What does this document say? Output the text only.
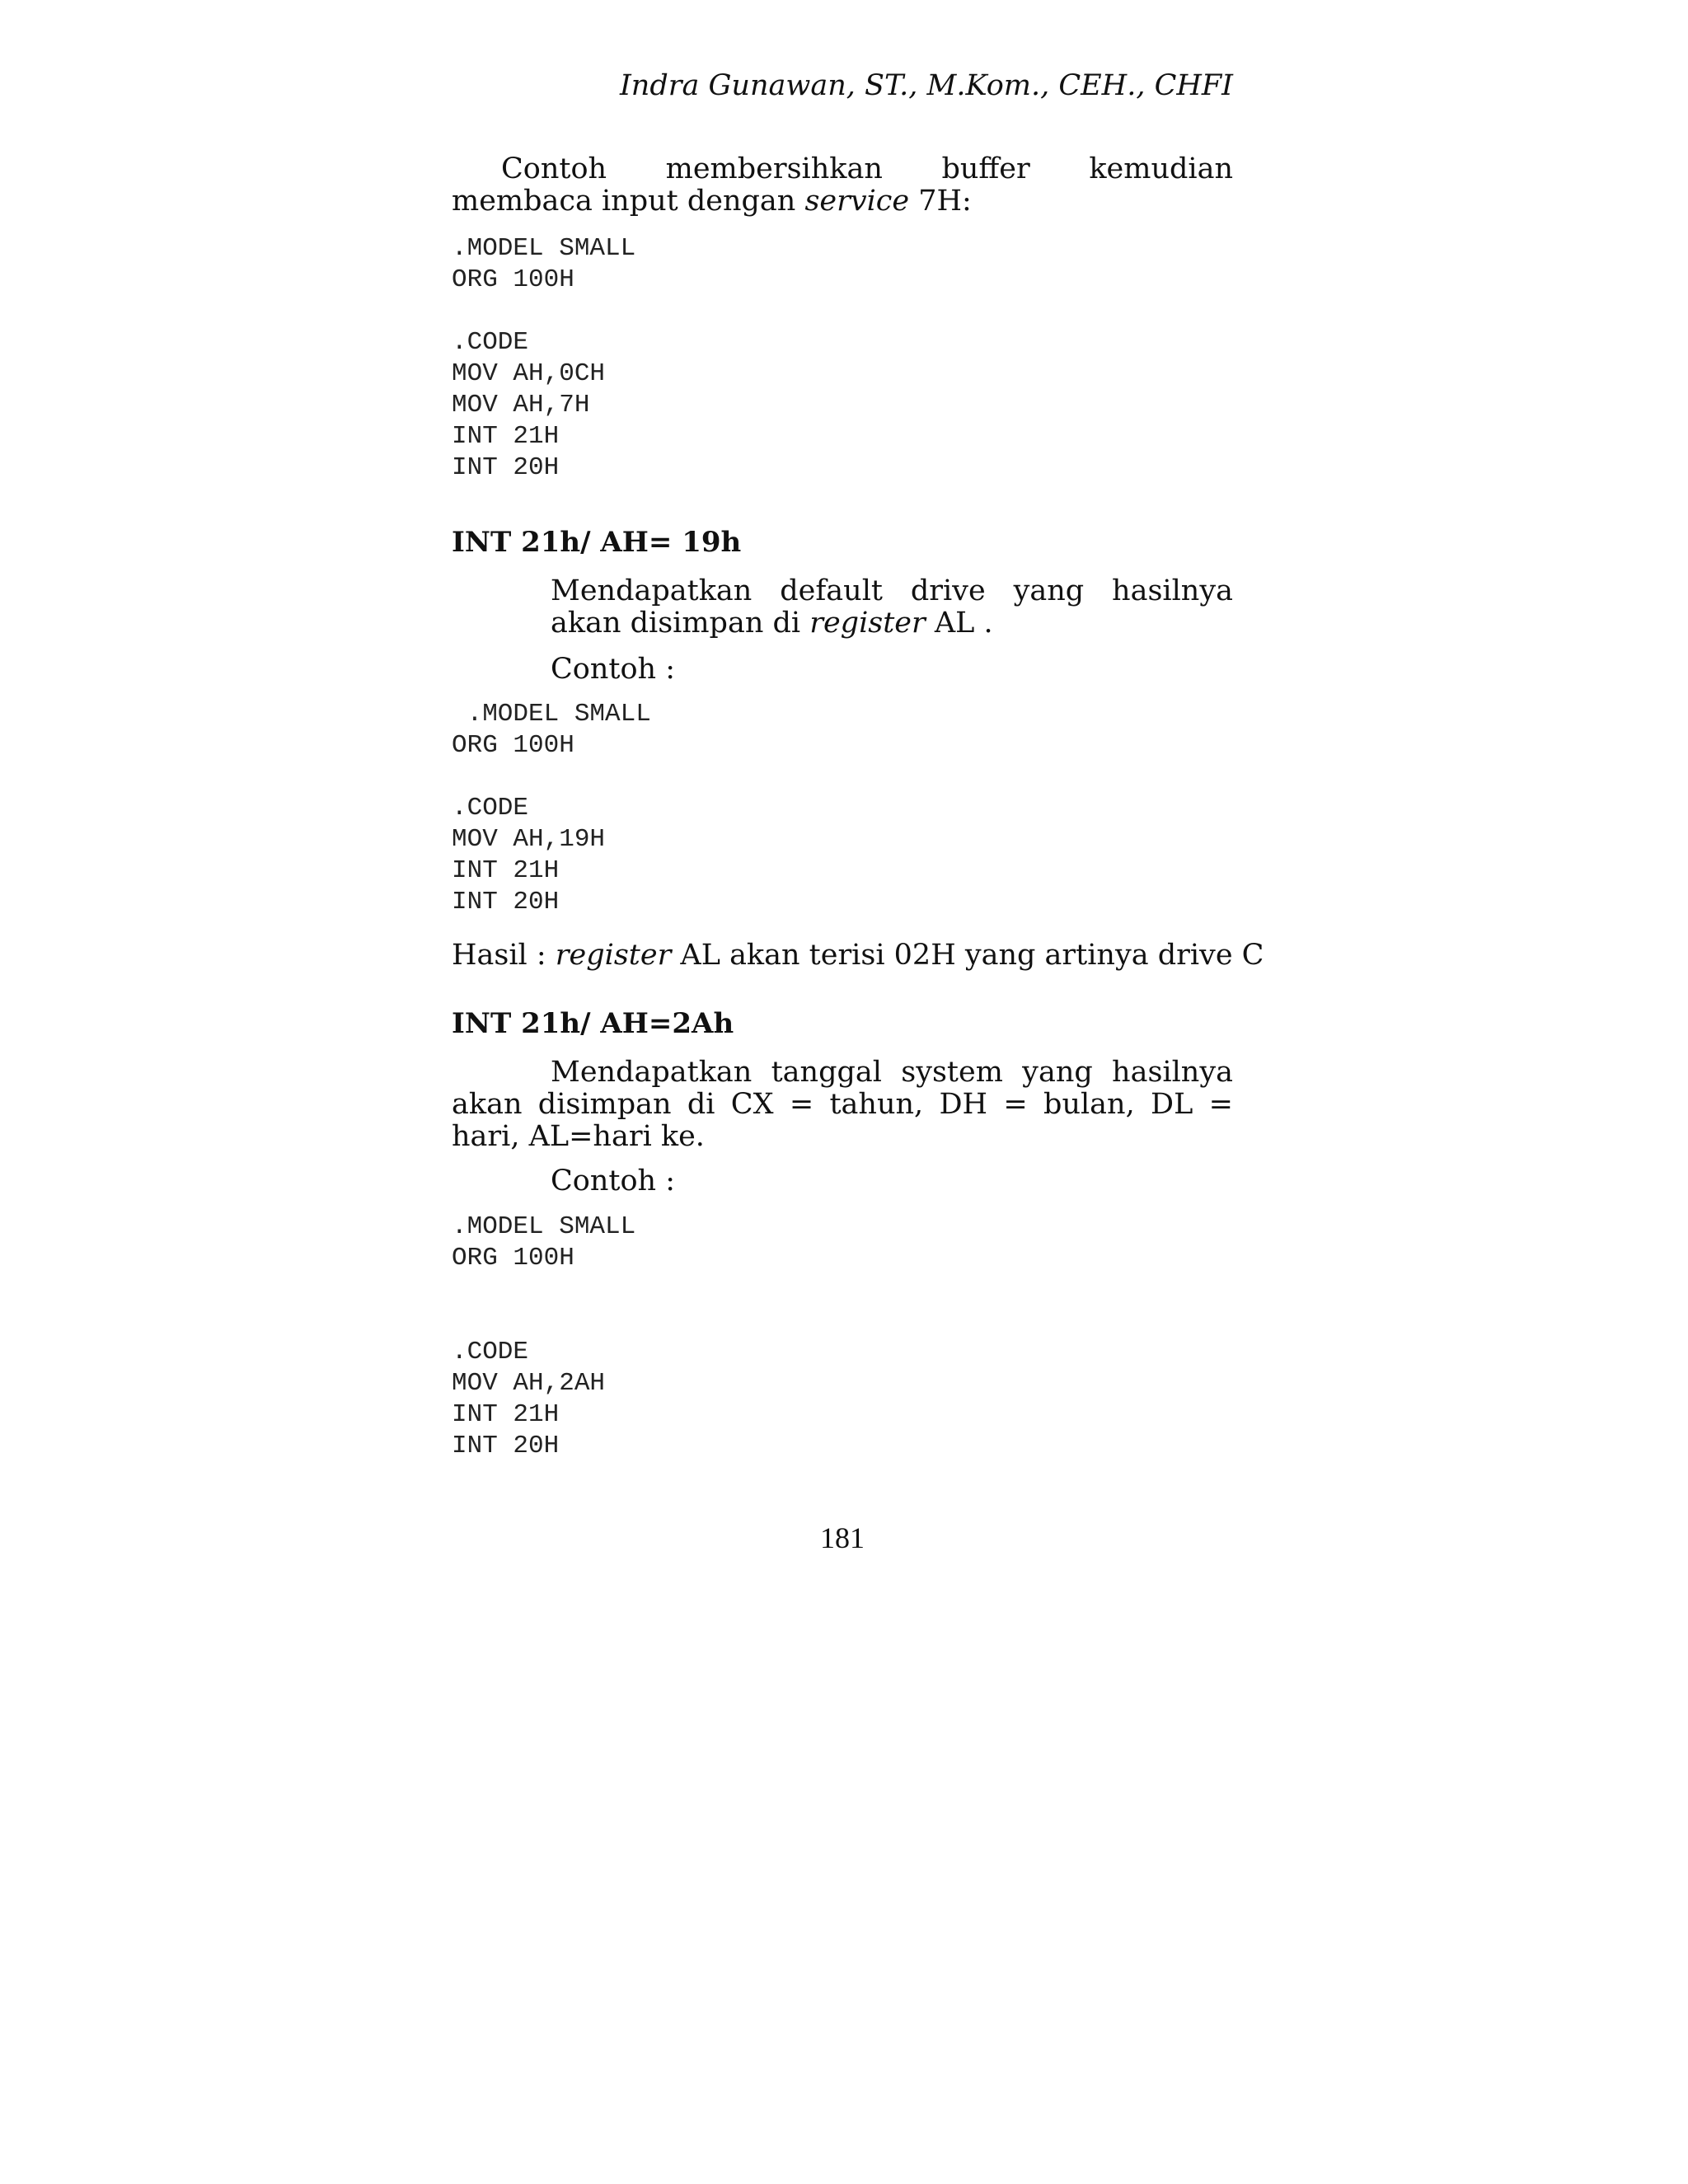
Indra Gunawan, ST., M.Kom., CEH., CHFI
Contoh membersihkan buffer kemudian membaca input dengan service 7H:
.MODEL SMALL
ORG 100H
.CODE
MOV AH,0CH
MOV AH,7H
INT 21H
INT 20H
INT 21h/ AH= 19h
Mendapatkan default drive yang hasilnya akan disimpan di register AL .
Contoh :
.MODEL SMALL
ORG 100H
.CODE
MOV AH,19H
INT 21H
INT 20H
Hasil : register AL akan terisi 02H yang artinya drive C
INT 21h/ AH=2Ah
Mendapatkan tanggal system yang hasilnya akan disimpan di CX = tahun, DH = bulan, DL = hari, AL=hari ke.
Contoh :
.MODEL SMALL
ORG 100H
.CODE
MOV AH,2AH
INT 21H
INT 20H
181
